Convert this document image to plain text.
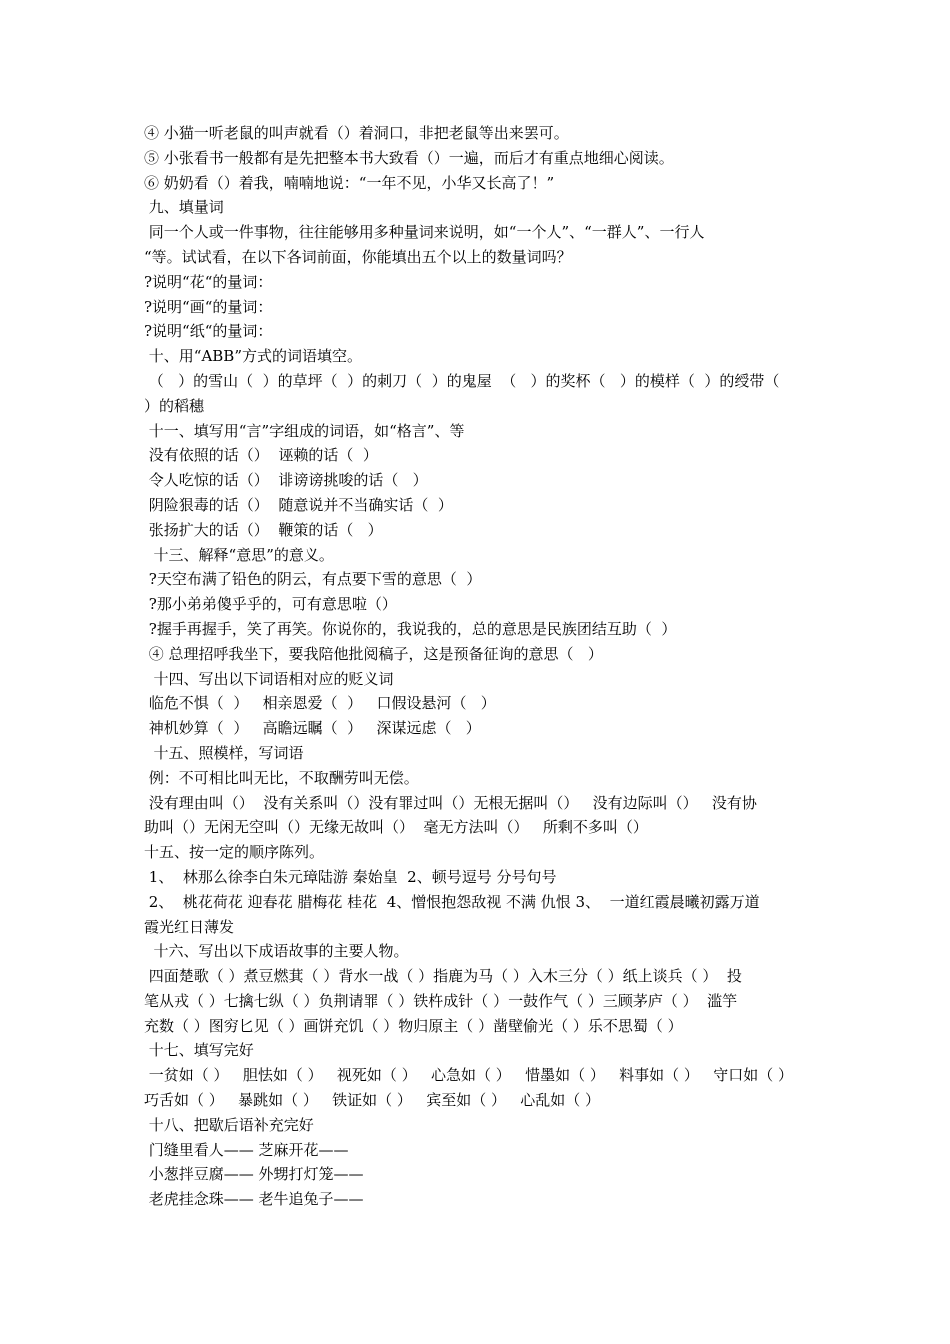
④ 小猫一听老鼠的叫声就看（）着洞口，非把老鼠等出来罢可。

⑤ 小张看书一般都有是先把整本书大致看（）一遍，而后才有重点地细心阅读。

⑥ 奶奶看（）着我，喃喃地说：“一年不见，小华又长高了！”

九、填量词

同一个人或一件事物，往往能够用多种量词来说明，如“一个人”、“一群人”、一行人

“等。试试看，在以下各词前面，你能填出五个以上的数量词吗？

?说明“花“的量词：

?说明“画“的量词：

?说明“纸“的量词：

十、用“ABB”方式的词语填空。

（   ）的雪山（  ）的草坪（  ）的刺刀（  ）的鬼屋  （   ）的奖杯（   ）的模样（  ）的绶带（

）的稻穗

十一、填写用“言”字组成的词语，如“格言”、等

没有依照的话（）  诬赖的话（  ）

令人吃惊的话（）  诽谤谤挑唆的话（   ）

阴险狠毒的话（）  随意说并不当确实话（  ）

张扬扩大的话（）  鞭策的话（   ）

十三、解释“意思”的意义。

?天空布满了铅色的阴云，有点要下雪的意思（  ）

?那小弟弟傻乎乎的，可有意思啦（）

?握手再握手，笑了再笑。你说你的，我说我的，总的意思是民族团结互助（  ）

④ 总理招呼我坐下，要我陪他批阅稿子，这是预备征询的意思（   ）

十四、写出以下词语相对应的贬义词

临危不惧（  ）   相亲恩爱（  ）   口假设悬河（   ）

神机妙算（  ）   高瞻远瞩（  ）   深谋远虑（   ）

十五、照模样，写词语

例：不可相比叫无比，不取酬劳叫无偿。

没有理由叫（）  没有关系叫（）没有罪过叫（）无根无据叫（）   没有边际叫（）   没有协

助叫（）无闲无空叫（）无缘无故叫（）  毫无方法叫（）   所剩不多叫（）

十五、按一定的顺序陈列。

1、  林那么徐李白朱元璋陆游 秦始皇  2、顿号逗号 分号句号

2、  桃花荷花 迎春花 腊梅花 桂花  4、憎恨抱怨敌视 不满 仇恨 3、  一道红霞晨曦初露万道

霞光红日薄发

十六、写出以下成语故事的主要人物。

四面楚歌（ ）煮豆燃萁（ ）背水一战（ ）指鹿为马（ ）入木三分（ ）纸上谈兵（ ）  投

笔从戎（ ）七擒七纵（ ）负荆请罪（ ）铁杵成针（ ）一鼓作气（ ）三顾茅庐（ ）  滥竽

充数（ ）图穷匕见（ ）画饼充饥（ ）物归原主（ ）凿壁偷光（ ）乐不思蜀（ ）

十七、填写完好

一贫如（ ）   胆怯如（ ）   视死如（ ）   心急如（ ）   惜墨如（ ）   料事如（ ）   守口如（ ）

巧舌如（ ）   暴跳如（ ）   铁证如（ ）   宾至如（ ）   心乱如（ ）

十八、把歇后语补充完好

门缝里看人—— 芝麻开花——

小葱拌豆腐—— 外甥打灯笼——

老虎挂念珠—— 老牛追兔子——
